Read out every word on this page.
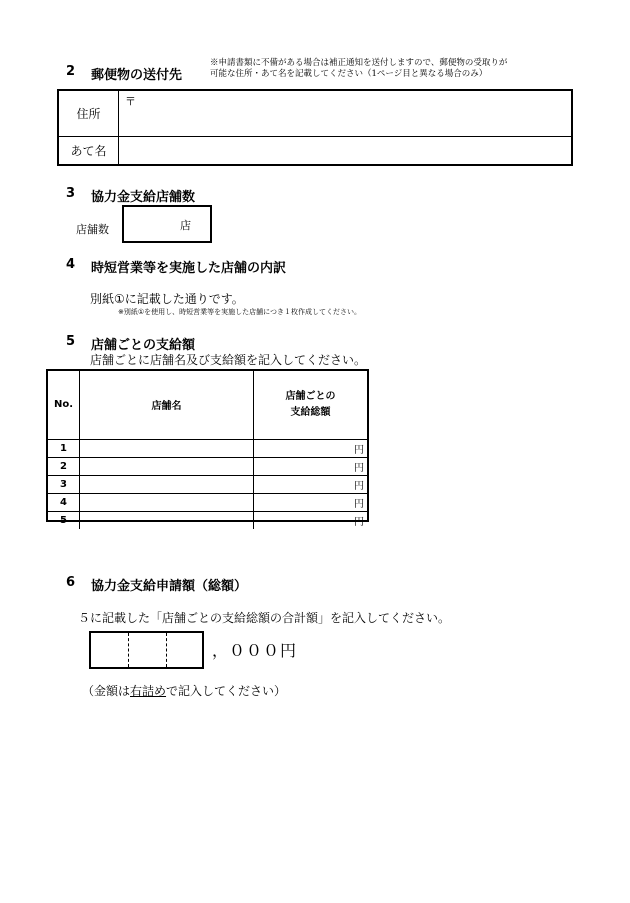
2 郵便物の送付先
※申請書類に不備がある場合は補正通知を送付しますので、郵便物の受取りが
可能な住所・あて名を記載してください（1ページ目と異なる場合のみ）
住所	〒
あて名	
3 協力金支給店舗数
店舗数	店
4 時短営業等を実施した店舗の内訳
別紙①に記載した通りです。
※別紙①を使用し、時短営業等を実施した店舗につき１枚作成してください。
5 店舗ごとの支給額
店舗ごとに店舗名及び支給額を記入してください。
No.	店舗名	店舗ごとの
支給総額

1		円
2		円
3		円
4		円
5		円
6 協力金支給申請額（総額）
５に記載した「店舗ごとの支給総額の合計額」を記入してください。
，０００円
（金額は右詰めで記入してください）
